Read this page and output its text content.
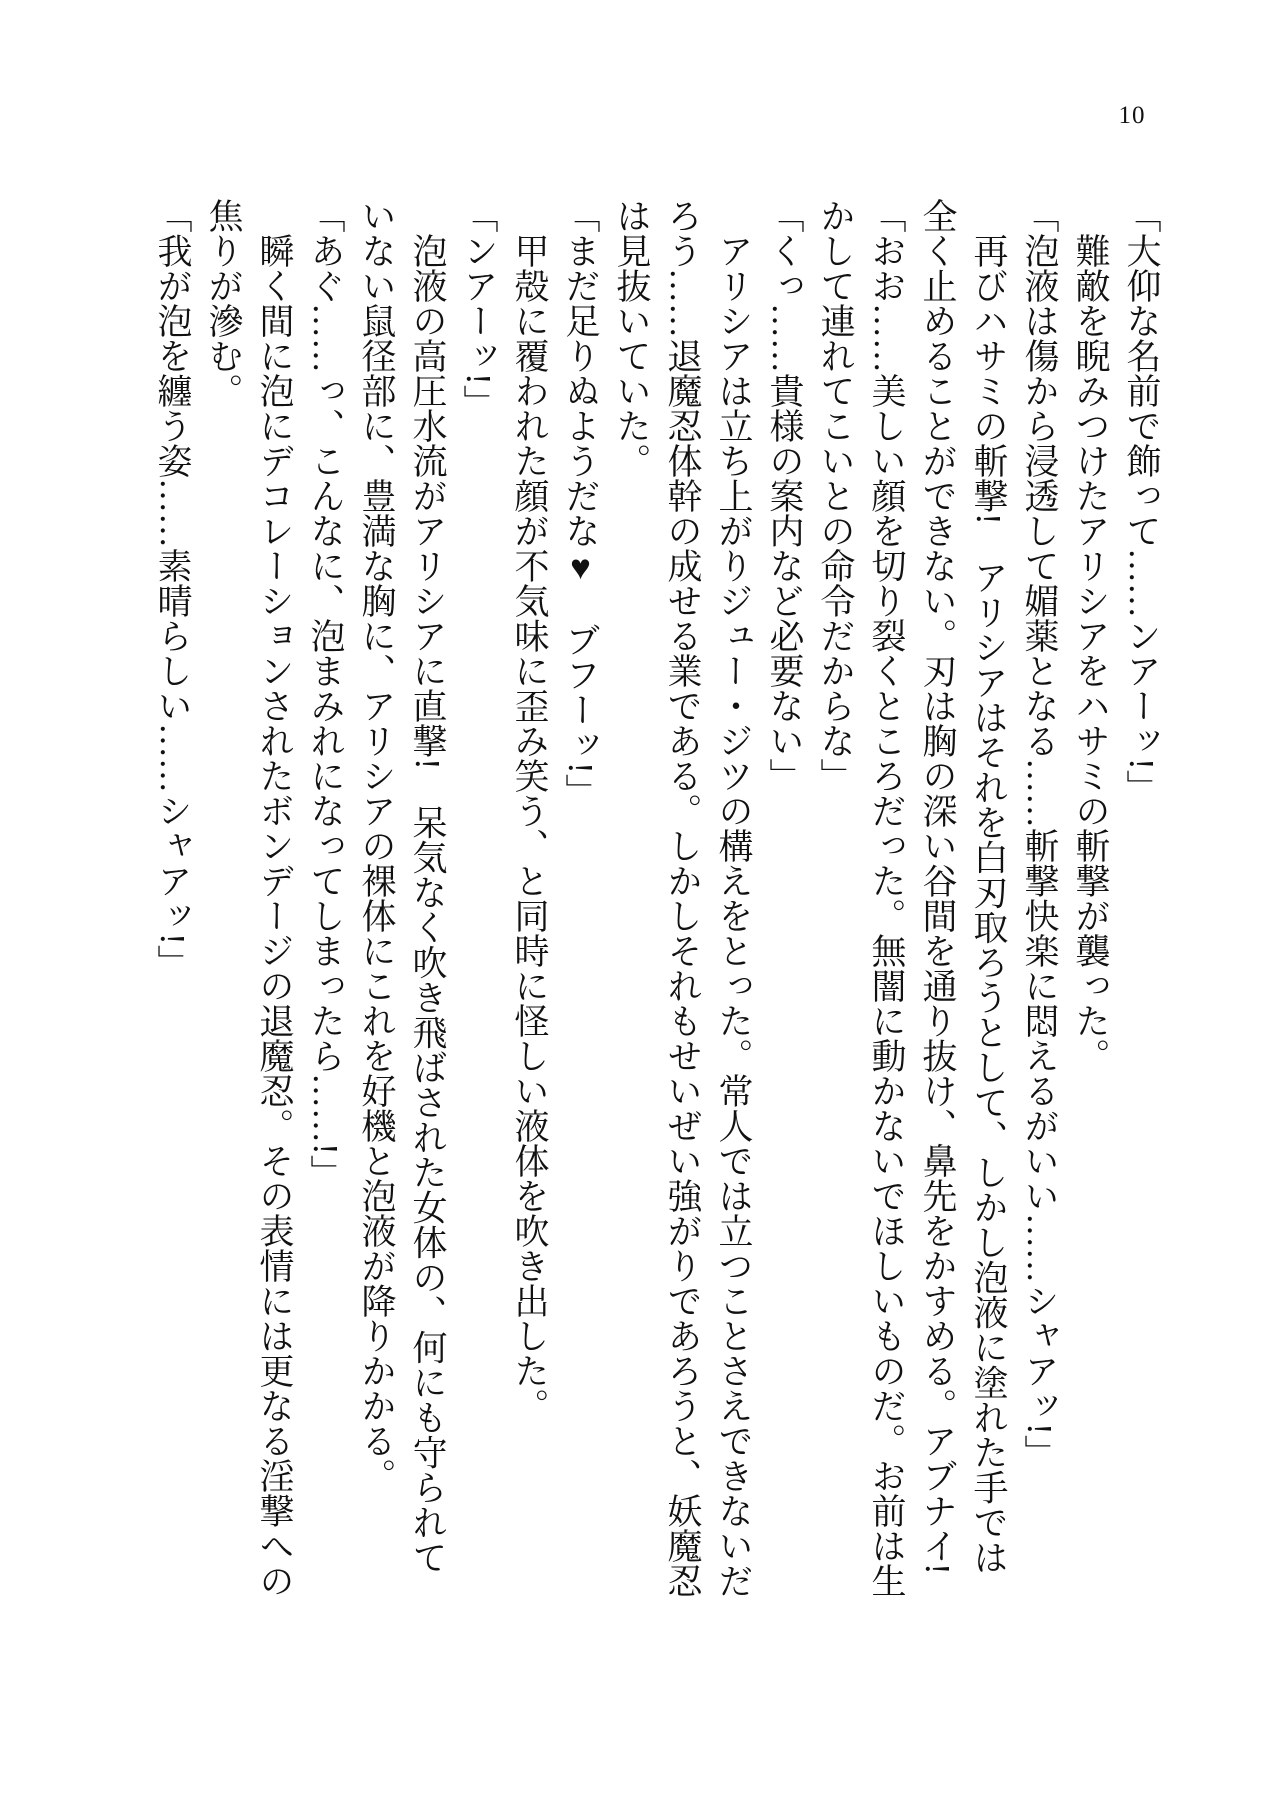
10

「大仰な名前で飾って……ンアーッ!」

難敵を睨みつけたアリシアをハサミの斬撃が襲った。

「泡液は傷から浸透して媚薬となる……斬撃快楽に悶えるがいい……シャアッ!」

再びハサミの斬撃!　アリシアはそれを白刃取ろうとして、しかし泡液に塗れた手では全く止めることができない。刃は胸の深い谷間を通り抜け、鼻先をかすめる。アブナイ!

「おお……美しい顔を切り裂くところだった。無闇に動かないでほしいものだ。お前は生かして連れてこいとの命令だからな」

「くっ……貴様の案内など必要ない」

アリシアは立ち上がりジュー・ジツの構えをとった。常人では立つことさえできないだろう……退魔忍体幹の成せる業である。しかしそれもせいぜい強がりであろうと、妖魔忍は見抜いていた。

「まだ足りぬようだな♥　ブフーッ!」

甲殻に覆われた顔が不気味に歪み笑う、と同時に怪しい液体を吹き出した。

「ンアーッ!」

泡液の高圧水流がアリシアに直撃!　呆気なく吹き飛ばされた女体の、何にも守られていない鼠径部に、豊満な胸に、アリシアの裸体にこれを好機と泡液が降りかかる。

「あぐ……っ、こんなに、泡まみれになってしまったら……!」

瞬く間に泡にデコレーションされたボンデージの退魔忍。その表情には更なる淫撃への焦りが滲む。

「我が泡を纏う姿……素晴らしい……シャアッ!」
